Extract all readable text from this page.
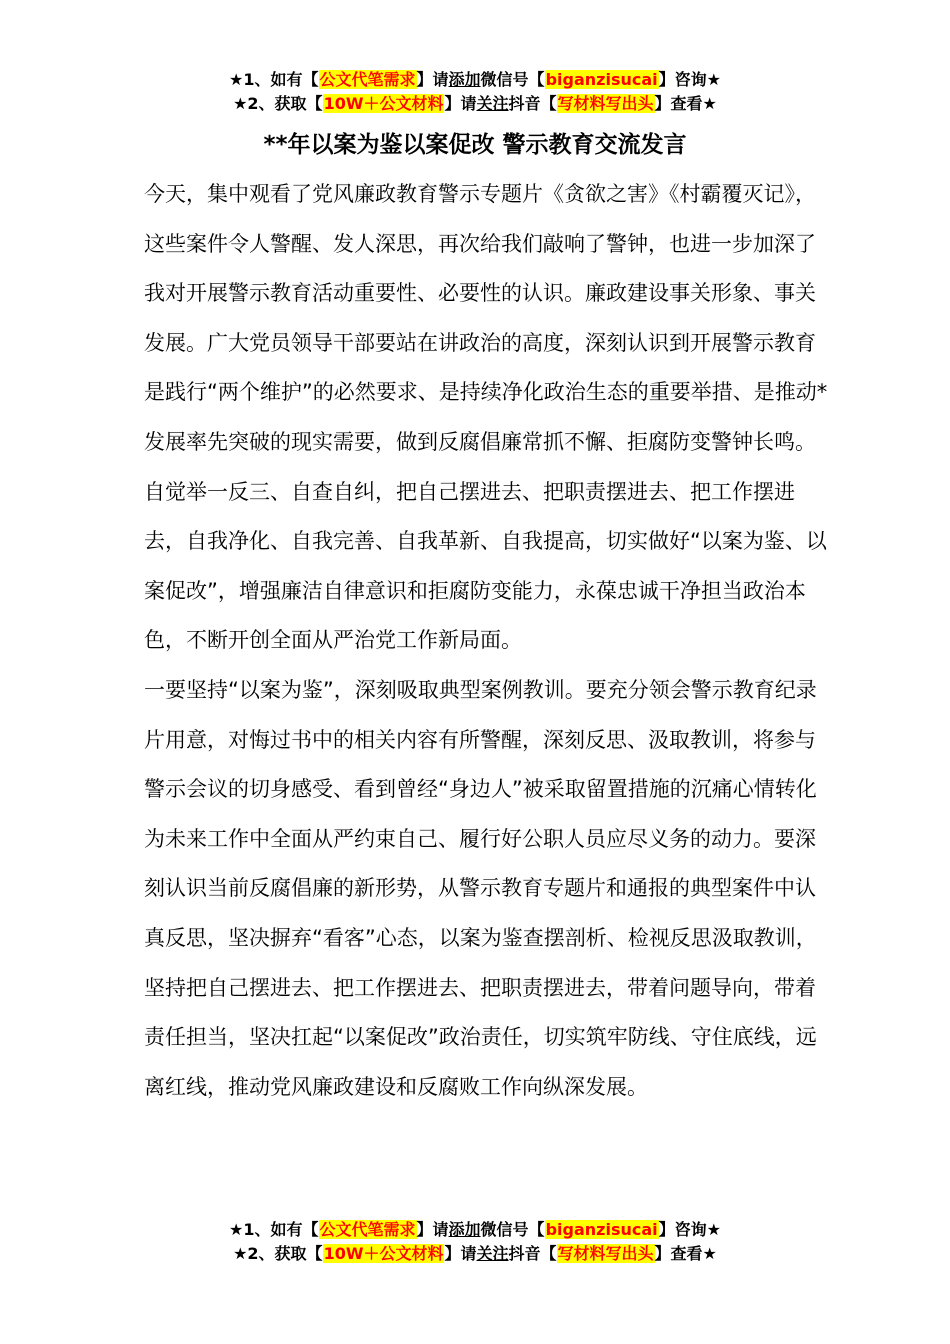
★1、如有【公文代笔需求】请添加微信号【biganzisucai】咨询★
★2、获取【10W＋公文材料】请关注抖音【写材料写出头】查看★
**年以案为鉴以案促改 警示教育交流发言

今天，集中观看了党风廉政教育警示专题片《贪欲之害》《村霸覆灭记》，这些案件令人警醒、发人深思，再次给我们敲响了警钟，也进一步加深了我对开展警示教育活动重要性、必要性的认识。廉政建设事关形象、事关发展。广大党员领导干部要站在讲政治的高度，深刻认识到开展警示教育是践行“两个维护”的必然要求、是持续净化政治生态的重要举措、是推动*发展率先突破的现实需要，做到反腐倡廉常抓不懈、拒腐防变警钟长鸣。自觉举一反三、自查自纠，把自己摆进去、把职责摆进去、把工作摆进去，自我净化、自我完善、自我革新、自我提高，切实做好“以案为鉴、以案促改”，增强廉洁自律意识和拒腐防变能力，永葆忠诚干净担当政治本色，不断开创全面从严治党工作新局面。

一要坚持“以案为鉴”，深刻吸取典型案例教训。要充分领会警示教育纪录片用意，对悔过书中的相关内容有所警醒，深刻反思、汲取教训，将参与警示会议的切身感受、看到曾经“身边人”被采取留置措施的沉痛心情转化为未来工作中全面从严约束自己、履行好公职人员应尽义务的动力。要深刻认识当前反腐倡廉的新形势，从警示教育专题片和通报的典型案件中认真反思，坚决摒弃“看客”心态，以案为鉴查摆剖析、检视反思汲取教训，坚持把自己摆进去、把工作摆进去、把职责摆进去，带着问题导向，带着责任担当，坚决扛起“以案促改”政治责任，切实筑牢防线、守住底线，远离红线，推动党风廉政建设和反腐败工作向纵深发展。

★1、如有【公文代笔需求】请添加微信号【biganzisucai】咨询★
★2、获取【10W＋公文材料】请关注抖音【写材料写出头】查看★
